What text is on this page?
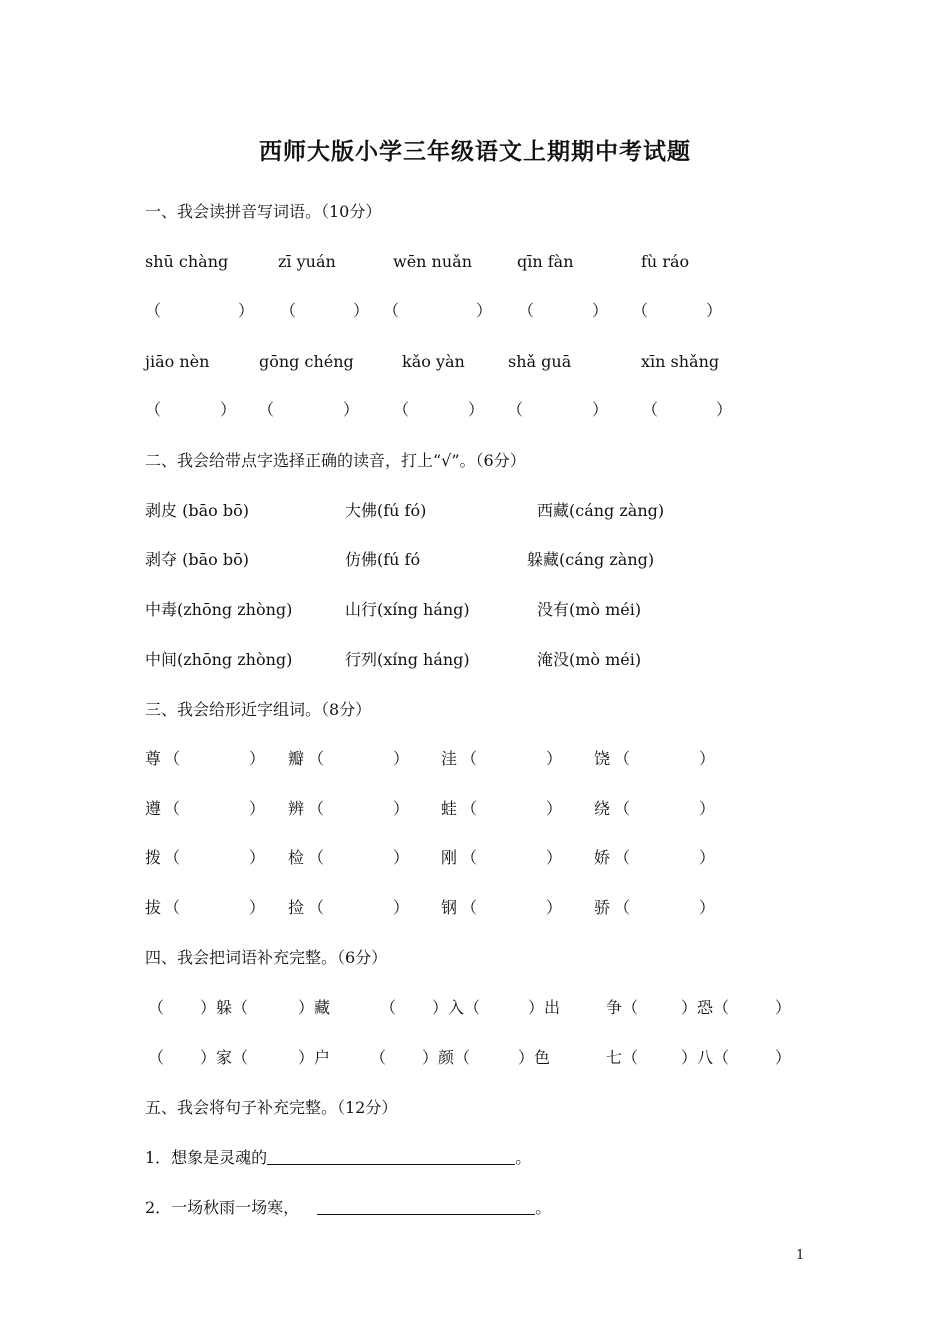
西师大版小学三年级语文上期期中考试题
一、我会读拼音写词语。（10分）
shū chàng	zī yuán	wēn nuǎn	qīn fàn	fù ráo
（	） （	） （	） （	） （	）
jiāo nèn	gōng chéng	kǎo yàn	shǎ guā	xīn shǎng
（	） （	） （	） （	） （	）
二、我会给带点字选择正确的读音，打上“√”。（6分）
剥皮 (bāo bō)	大佛(fú fó)	西藏(cáng zàng)
剥夺 (bāo bō)	仿佛(fú fó	躲藏(cáng zàng)
中毒(zhōng zhòng)	山行(xíng háng)	没有(mò méi)
中间(zhōng zhòng)	行列(xíng háng)	淹没(mò méi)
三、我会给形近字组词。（8分）
尊 （	） 瓣 （	） 洼 （	） 饶 （	）
遵 （	） 辨 （	） 蛙 （	） 绕 （	）
拨 （	） 检 （	） 刚 （	） 娇 （	）
拔 （	） 捡 （	） 钢 （	） 骄 （	）
四、我会把词语补充完整。（6分）
（ ）躲（	）藏	（ ）入（	）出	争（	）恐（	）
（ ）家（	）户 （ ）颜（	）色	七（	）八（	）
五、我会将句子补充完整。（12分）
1．想象是灵魂的	。
2．一场秋雨一场寒，	。
1
